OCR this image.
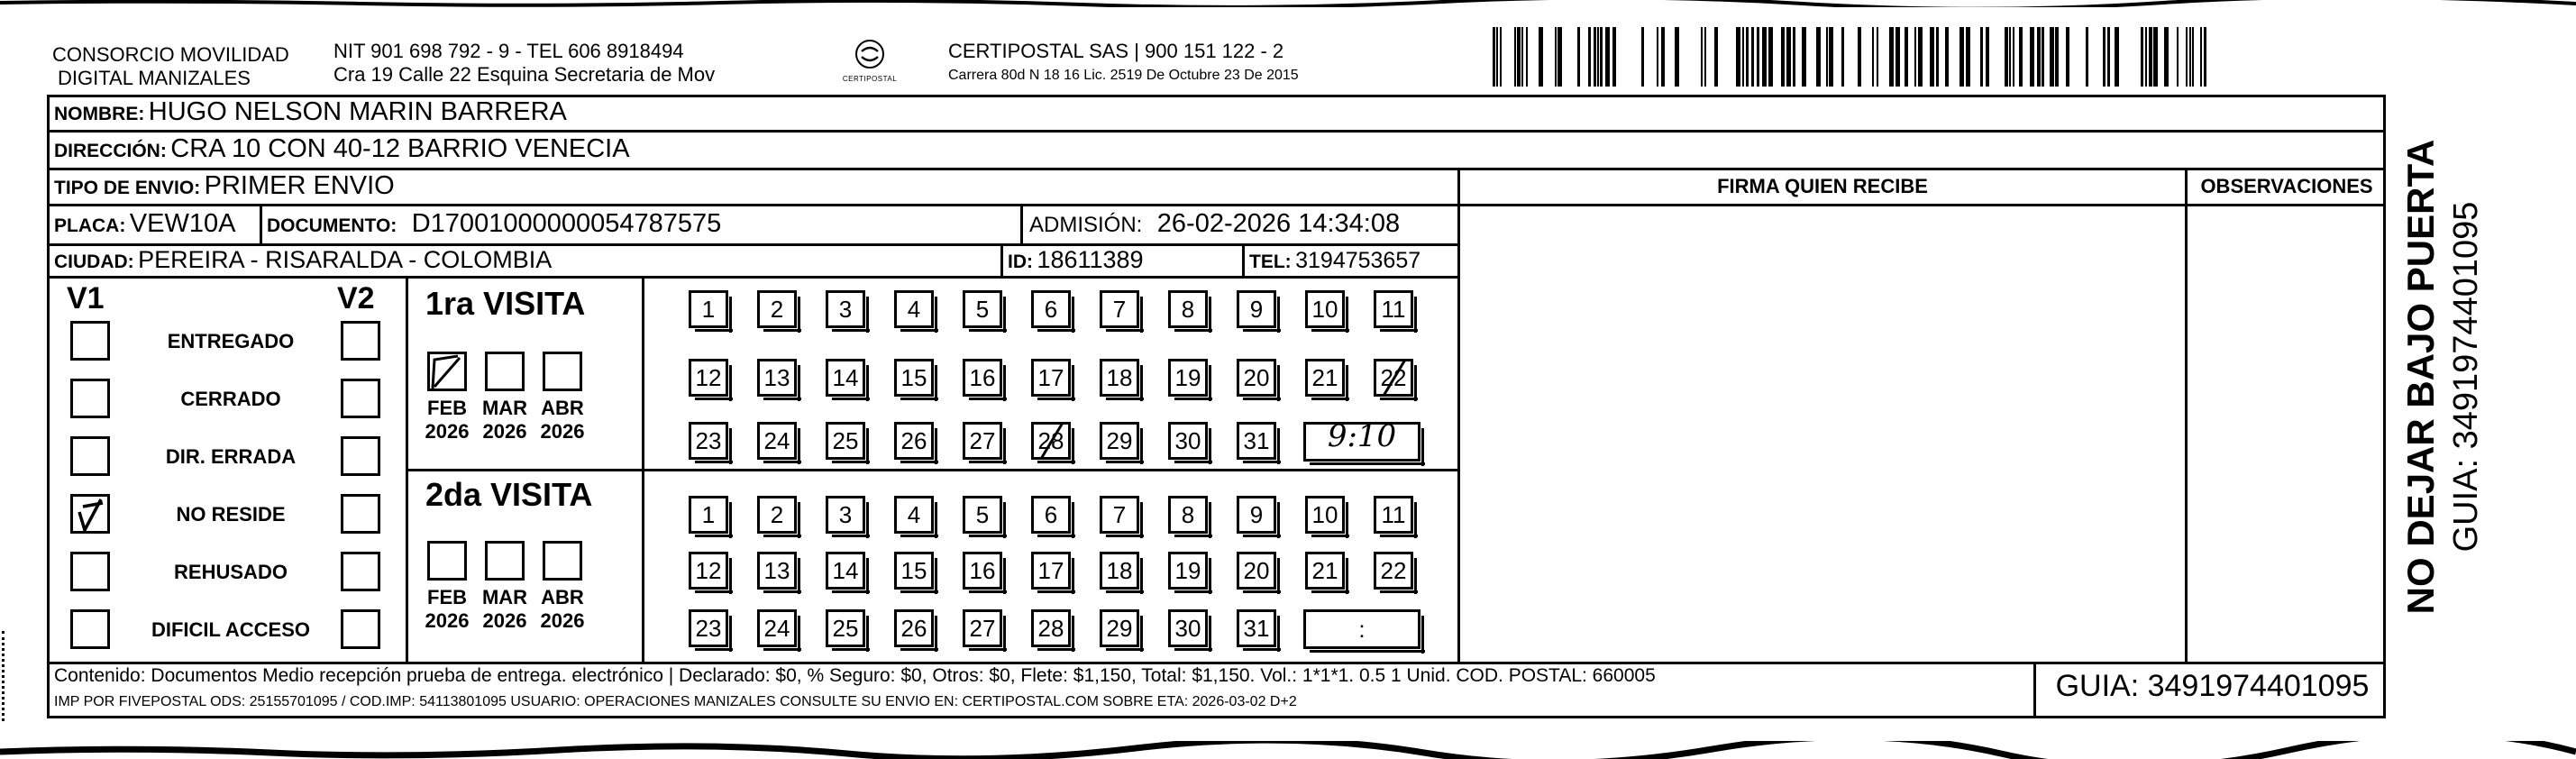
CONSORCIO MOVILIDAD
DIGITAL MANIZALES
NIT 901 698 792 - 9 - TEL 606 8918494
Cra 19 Calle 22 Esquina Secretaria de Mov	CERTIPOSTAL
CERTIPOSTAL SAS | 900 151 122 - 2
Carrera 80d N 18 16 Lic. 2519 De Octubre 23 De 2015
NOMBRE: HUGO NELSON MARIN BARRERA
DIRECCIÓN: CRA 10 CON 40-12 BARRIO VENECIA
TIPO DE ENVIO: PRIMER ENVIO	FIRMA QUIEN RECIBE	OBSERVACIONES
PLACA: VEW10A DOCUMENTO: D17001000000054787575	ADMISIÓN: 26-02-2026 14:34:08
CIUDAD: PEREIRA - RISARALDA - COLOMBIA	ID: 18611389	TEL: 3194753657
V1	V2
ENTREGADO
CERRADO
DIR. ERRADA
NO RESIDE
REHUSADO
DIFICIL ACCESO
1ra VISITA
2da VISITA
FEB
2026
MAR
2026
ABR
2026
FEB
2026
MAR
2026
ABR
2026
1	2	3	4	5	6	7	8	9	10	11
12 13 14 15 16 17 18 19 20 21 22
23 24 25 26 27 28 29 30 31 9:10
1	2	3	4	5	6	7	8	9	10	11
12 13 14 15 16 17 18 19 20 21 22
23 24 25 26 27 28 29 30 31	:
Contenido: Documentos Medio recepción prueba de entrega. electrónico | Declarado: $0, % Seguro: $0, Otros: $0, Flete: $1,150, Total: $1,150. Vol.: 1*1*1. 0.5 1 Unid. COD. POSTAL: 660005
IMP POR FIVEPOSTAL ODS: 25155701095 / COD.IMP: 54113801095 USUARIO: OPERACIONES MANIZALES CONSULTE SU ENVIO EN: CERTIPOSTAL.COM SOBRE ETA: 2026-03-02 D+2	GUIA: 3491974401095
NO DEJAR BAJO PUERTA GUIA: 3491974401095
